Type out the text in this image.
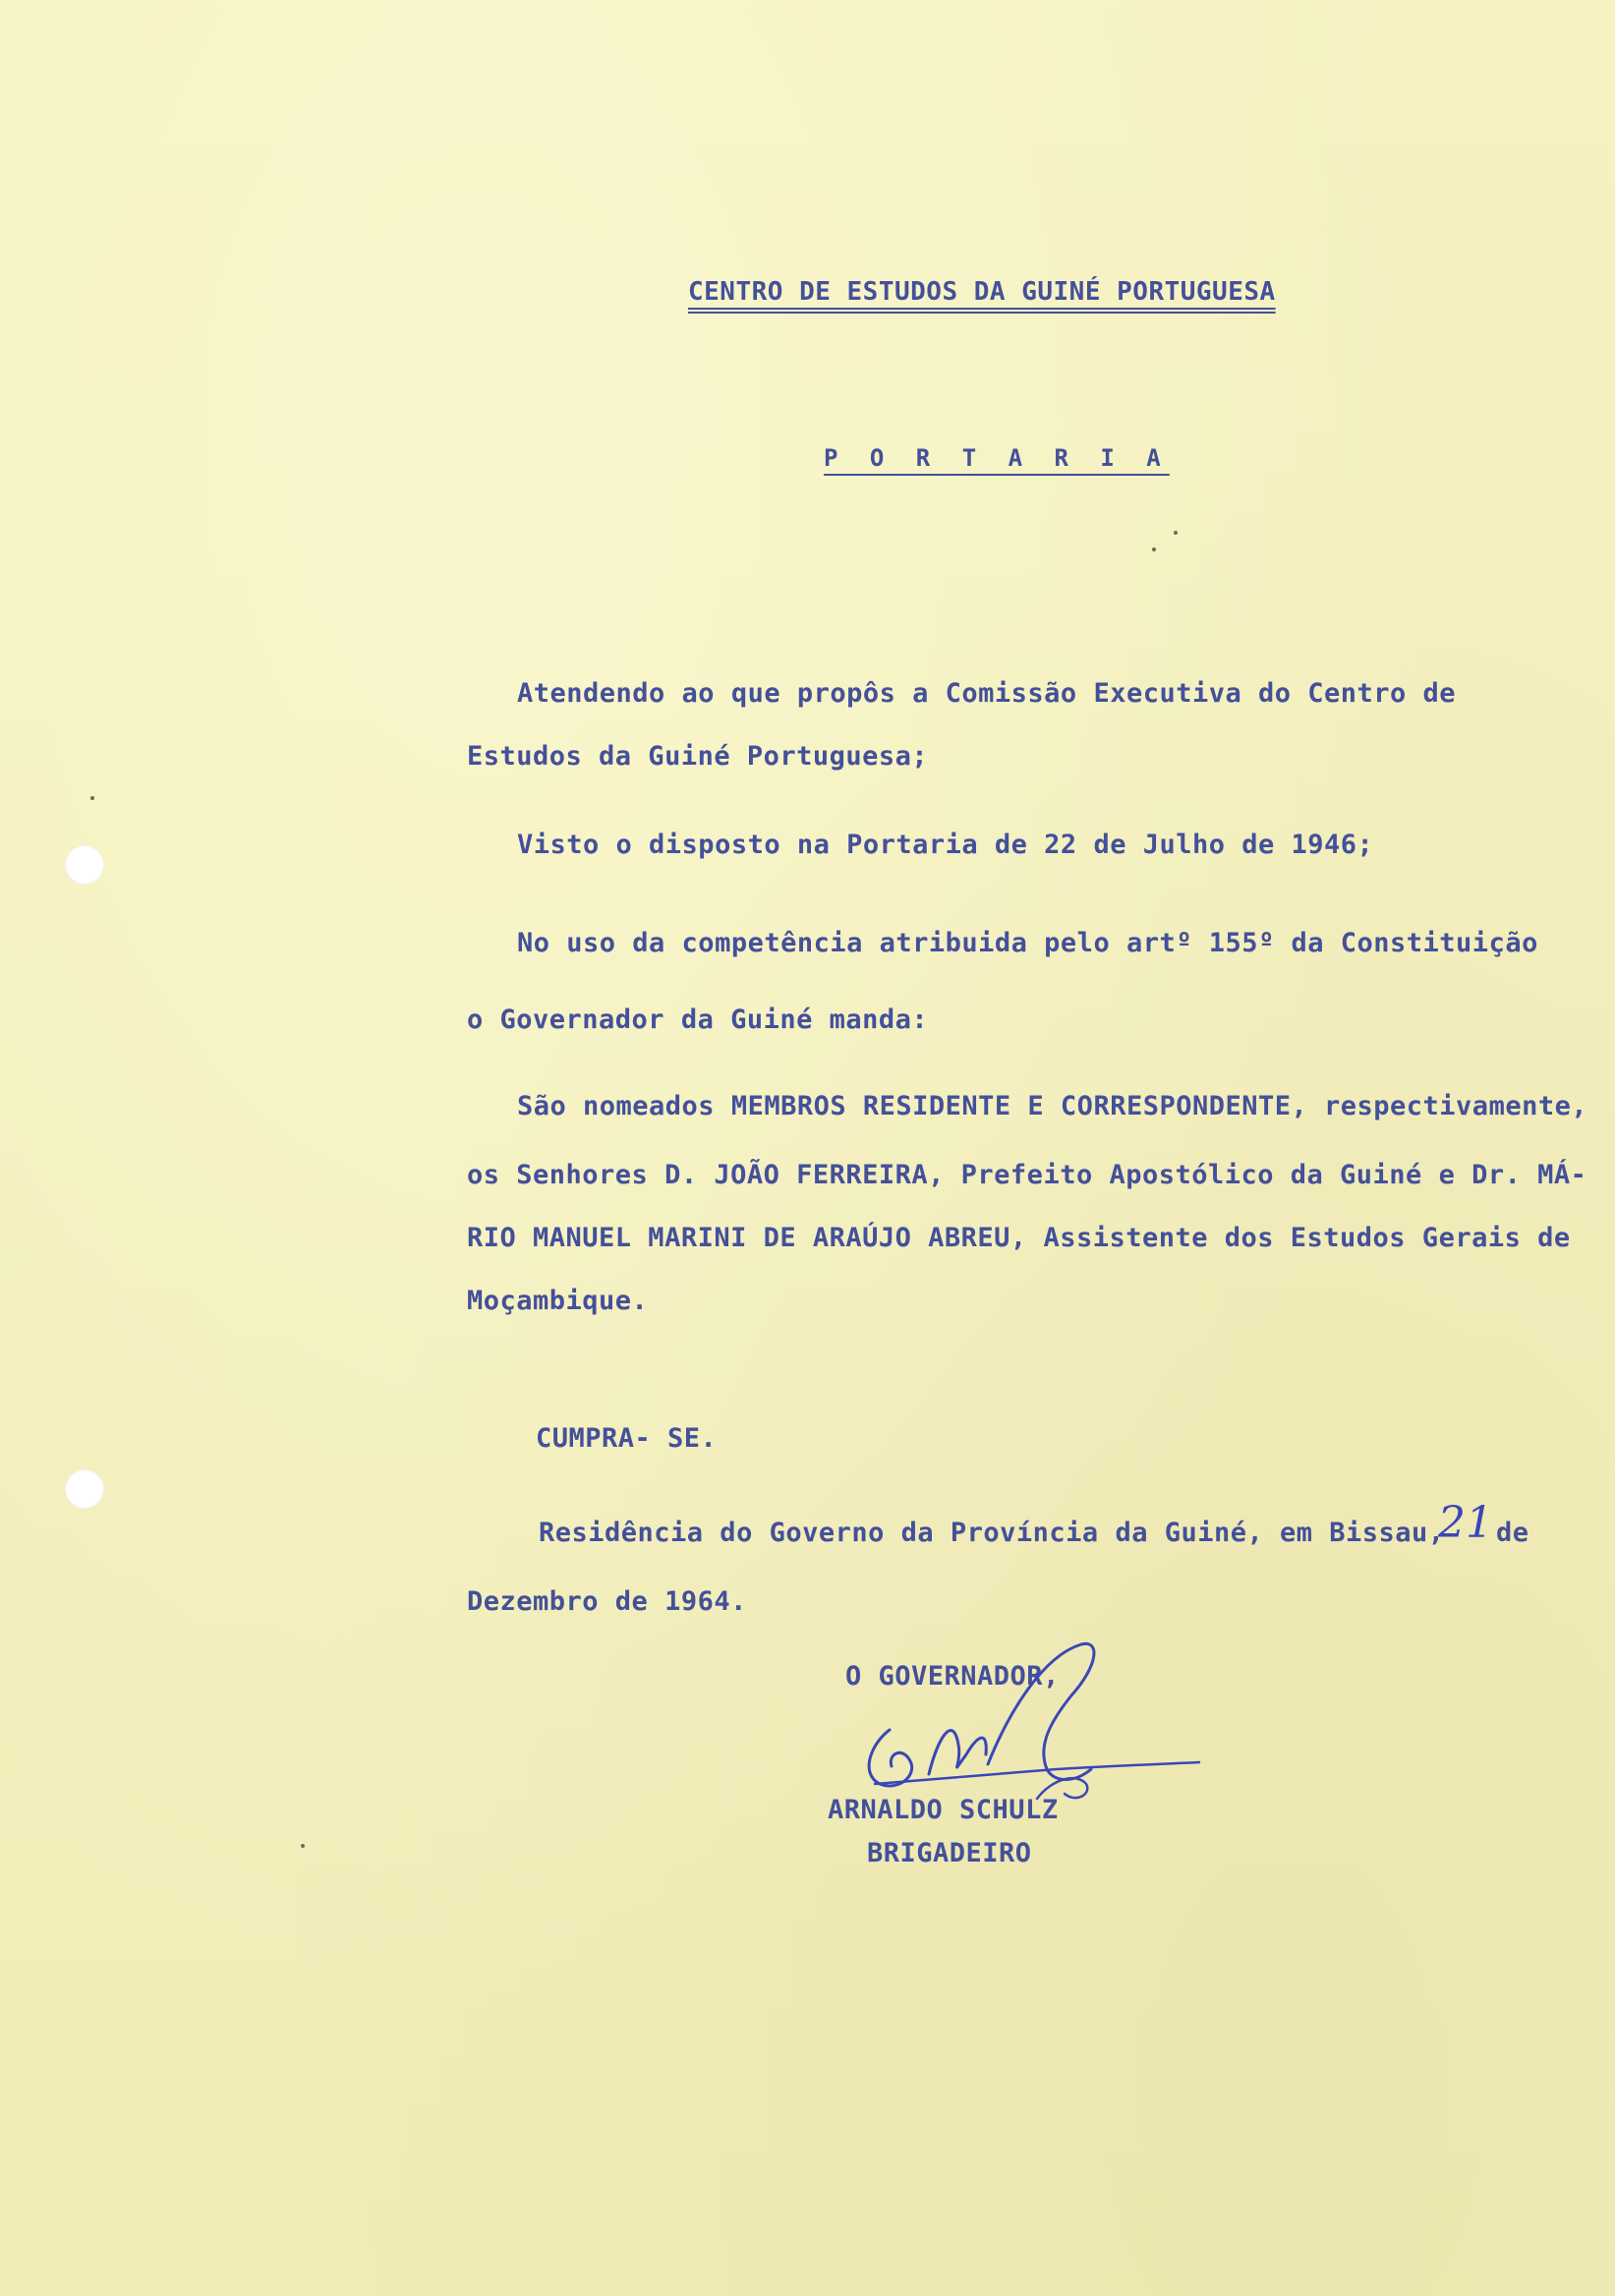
CENTRO DE ESTUDOS DA GUINÉ PORTUGUESA
P O R T A R I A
Atendendo ao que propôs a Comissão Executiva do Centro de
Estudos da Guiné Portuguesa;
Visto o disposto na Portaria de 22 de Julho de 1946;
No uso da competência atribuida pelo artº 155º da Constituição
o Governador da Guiné manda:
São nomeados MEMBROS RESIDENTE E CORRESPONDENTE, respectivamente,
os Senhores D. JOÃO FERREIRA, Prefeito Apostólico da Guiné e Dr. MÁ-
RIO MANUEL MARINI DE ARAÚJO ABREU, Assistente dos Estudos Gerais de
Moçambique.
CUMPRA- SE.
Residência do Governo da Província da Guiné, em Bissau,
21 de
Dezembro de 1964.
O GOVERNADOR,
ARNALDO SCHULZ
BRIGADEIRO
